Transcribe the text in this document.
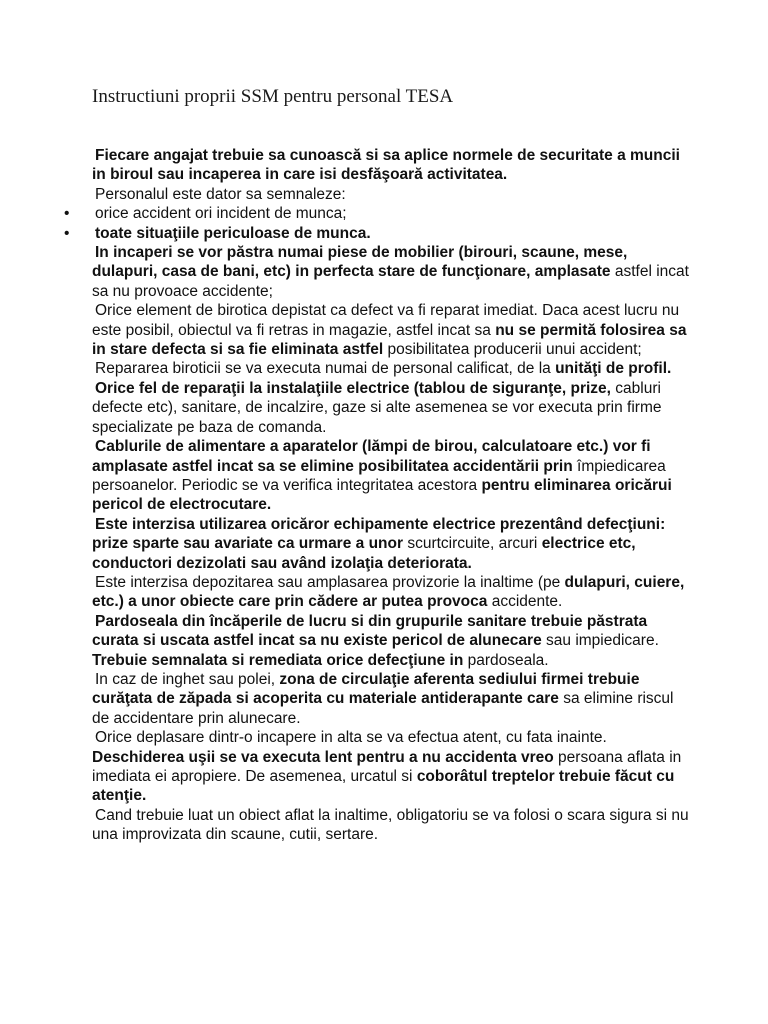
Instructiuni proprii SSM pentru personal TESA
Fiecare angajat trebuie sa cunoască si sa aplice normele de securitate a muncii in biroul sau incaperea in care isi desfăşoară activitatea.
Personalul este dator sa semnaleze:
• orice accident ori incident de munca;
• toate situaţiile periculoase de munca.
In incaperi se vor păstra numai piese de mobilier (birouri, scaune, mese, dulapuri, casa de bani, etc) in perfecta stare de funcţionare, amplasate astfel incat sa nu provoace accidente;
Orice element de birotica depistat ca defect va fi reparat imediat. Daca acest lucru nu este posibil, obiectul va fi retras in magazie, astfel incat sa nu se permită folosirea sa in stare defecta si sa fie eliminata astfel posibilitatea producerii unui accident;
Repararea biroticii se va executa numai de personal calificat, de la unităţi de profil.
Orice fel de reparaţii la instalaţiile electrice (tablou de siguranţe, prize, cabluri defecte etc), sanitare, de incalzire, gaze si alte asemenea se vor executa prin firme specializate pe baza de comanda.
Cablurile de alimentare a aparatelor (lămpi de birou, calculatoare etc.) vor fi amplasate astfel incat sa se elimine posibilitatea accidentării prin împiedicarea persoanelor. Periodic se va verifica integritatea acestora pentru eliminarea oricărui pericol de electrocutare.
Este interzisa utilizarea oricăror echipamente electrice prezentând defecţiuni: prize sparte sau avariate ca urmare a unor scurtcircuite, arcuri electrice etc, conductori dezizolati sau având izolaţia deteriorata.
Este interzisa depozitarea sau amplasarea provizorie la inaltime (pe dulapuri, cuiere, etc.) a unor obiecte care prin cădere ar putea provoca accidente.
Pardoseala din încăperile de lucru si din grupurile sanitare trebuie păstrata curata si uscata astfel incat sa nu existe pericol de alunecare sau impiedicare. Trebuie semnalata si remediata orice defecţiune in pardoseala.
In caz de inghet sau polei, zona de circulaţie aferenta sediului firmei trebuie curăţata de zăpada si acoperita cu materiale antiderapante care sa elimine riscul de accidentare prin alunecare.
Orice deplasare dintr-o incapere in alta se va efectua atent, cu fata inainte. Deschiderea uşii se va executa lent pentru a nu accidenta vreo persoana aflata in imediata ei apropiere. De asemenea, urcatul si coborâtul treptelor trebuie făcut cu atenţie.
Cand trebuie luat un obiect aflat la inaltime, obligatoriu se va folosi o scara sigura si nu una improvizata din scaune, cutii, sertare.
